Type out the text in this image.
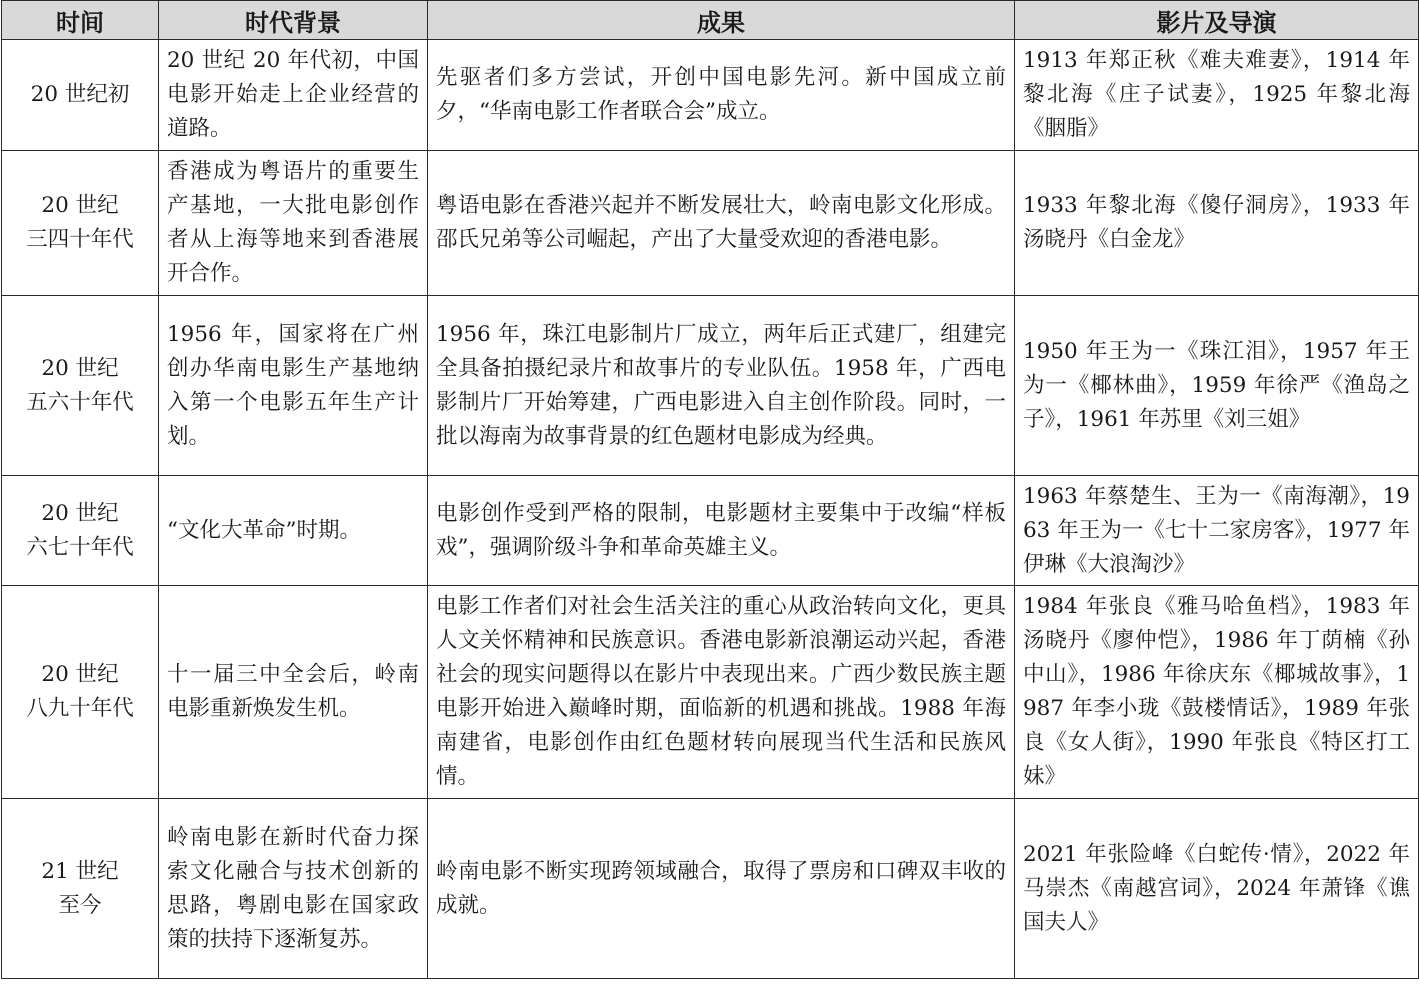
时间	时代背景	成果	影片及导演

20 世纪初	20 世纪 20 年代初，中国电影开始走上企业经营的道路。	先驱者们多方尝试，开创中国电影先河。新中国成立前夕，“华南电影工作者联合会”成立。	1913 年郑正秋《难夫难妻》，1914 年黎北海《庄子试妻》，1925 年黎北海《胭脂》

20 世纪
三四十年代	香港成为粤语片的重要生产基地，一大批电影创作者从上海等地来到香港展开合作。	粤语电影在香港兴起并不断发展壮大，岭南电影文化形成。邵氏兄弟等公司崛起，产出了大量受欢迎的香港电影。	1933 年黎北海《傻仔洞房》，1933 年汤晓丹《白金龙》

20 世纪
五六十年代	1956 年，国家将在广州创办华南电影生产基地纳入第一个电影五年生产计划。	1956 年，珠江电影制片厂成立，两年后正式建厂，组建完全具备拍摄纪录片和故事片的专业队伍。1958 年，广西电影制片厂开始筹建，广西电影进入自主创作阶段。同时，一批以海南为故事背景的红色题材电影成为经典。	1950 年王为一《珠江泪》，1957 年王为一《椰林曲》，1959 年徐严《渔岛之子》，1961 年苏里《刘三姐》

20 世纪
六七十年代	“文化大革命”时期。	电影创作受到严格的限制，电影题材主要集中于改编“样板戏”，强调阶级斗争和革命英雄主义。	1963 年蔡楚生、王为一《南海潮》，1963 年王为一《七十二家房客》，1977 年伊琳《大浪淘沙》

20 世纪
八九十年代	十一届三中全会后，岭南电影重新焕发生机。	电影工作者们对社会生活关注的重心从政治转向文化，更具人文关怀精神和民族意识。香港电影新浪潮运动兴起，香港社会的现实问题得以在影片中表现出来。广西少数民族主题电影开始进入巅峰时期，面临新的机遇和挑战。1988 年海南建省，电影创作由红色题材转向展现当代生活和民族风情。	1984 年张良《雅马哈鱼档》，1983 年汤晓丹《廖仲恺》，1986 年丁荫楠《孙中山》，1986 年徐庆东《椰城故事》，1987 年李小珑《鼓楼情话》，1989 年张良《女人街》，1990 年张良《特区打工妹》

21 世纪
至今	岭南电影在新时代奋力探索文化融合与技术创新的思路，粤剧电影在国家政策的扶持下逐渐复苏。	岭南电影不断实现跨领域融合，取得了票房和口碑双丰收的成就。	2021 年张险峰《白蛇传·情》，2022 年马崇杰《南越宫词》，2024 年萧锋《谯国夫人》
